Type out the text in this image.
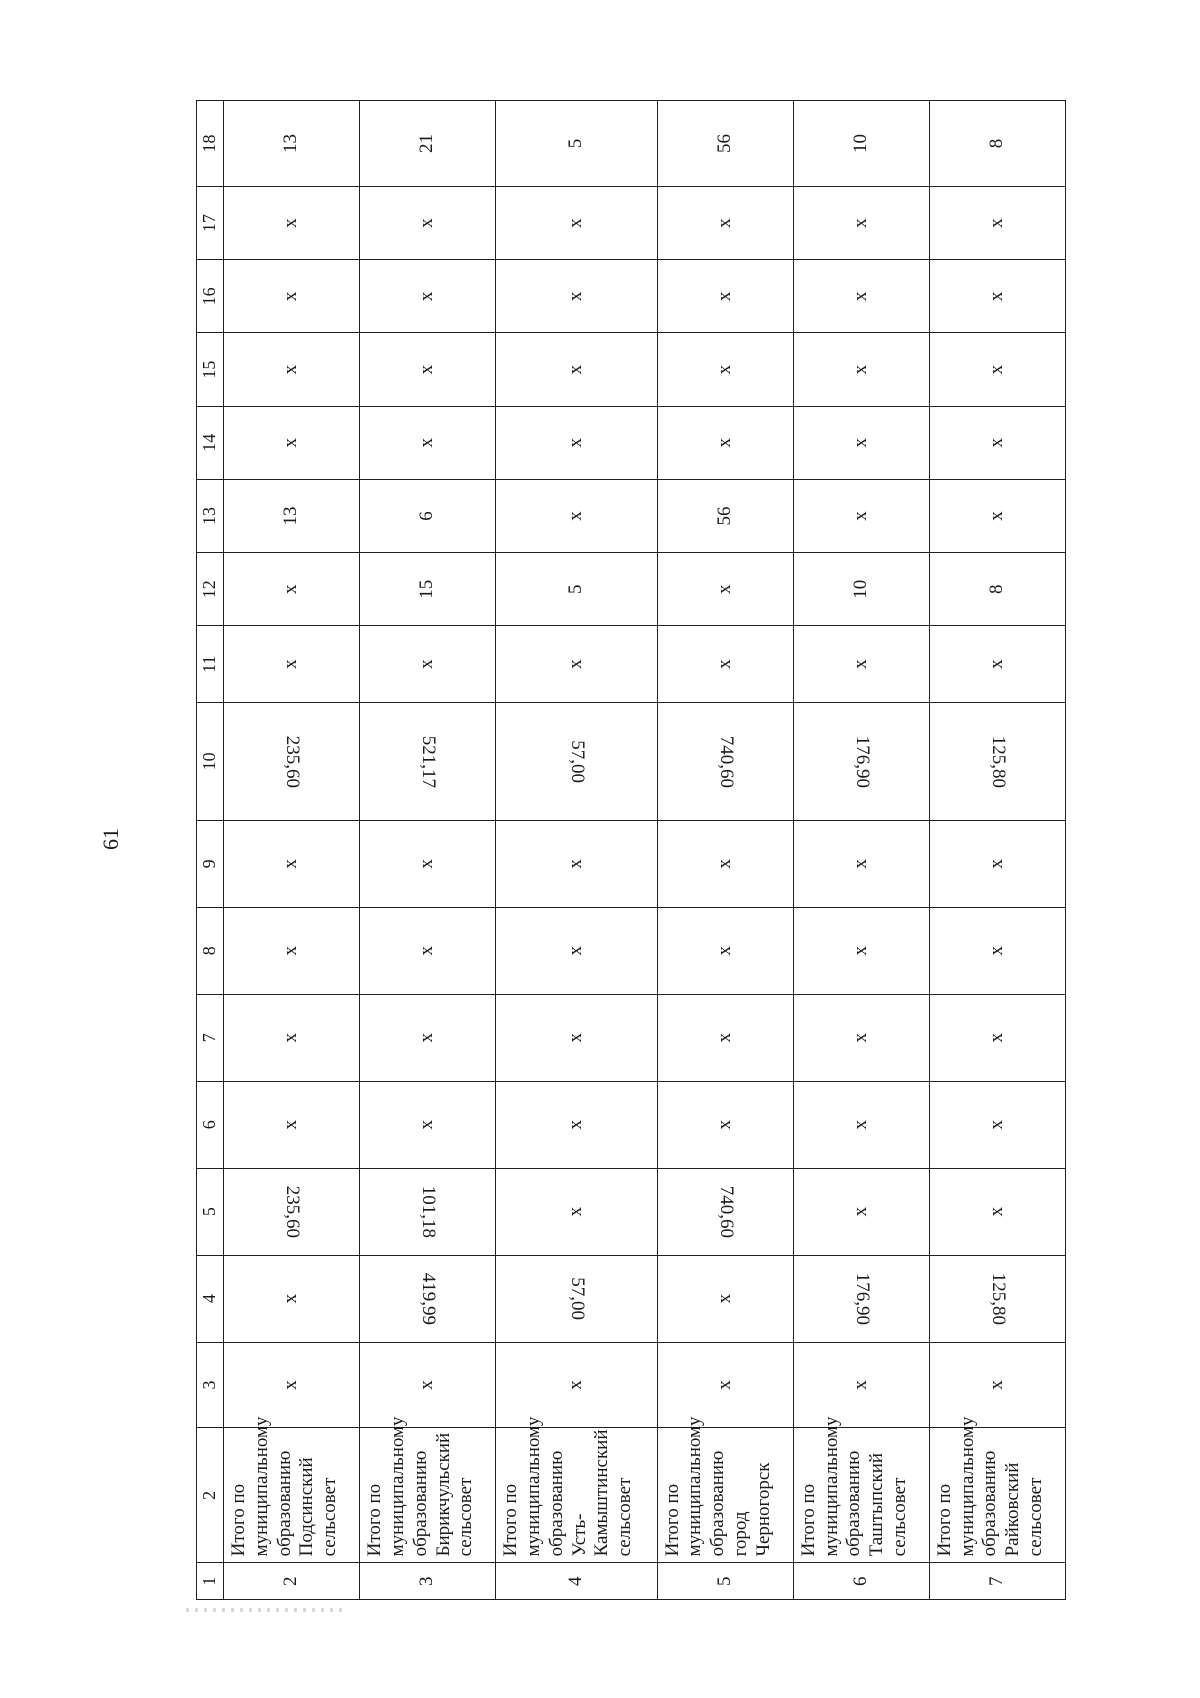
61
1	2	3	4	5	6	7	8	9	10	11	12	13	14	15	16	17	18
2	Итого по муниципальному образованию Подсинский сельсовет	x	x	235,60	x	x	x	x	235,60	x	x	13	x	x	x	x	13
3	Итого по муниципальному образованию Бирикчульский сельсовет	x	419,99	101,18	x	x	x	x	521,17	x	15	6	x	x	x	x	21
4	Итого по муниципальному образованию Усть-Камыштинский сельсовет	x	57,00	x	x	x	x	x	57,00	x	5	x	x	x	x	x	5
5	Итого по муниципальному образованию город Черногорск	x	x	740,60	x	x	x	x	740,60	x	x	56	x	x	x	x	56
6	Итого по муниципальному образованию Таштыпский сельсовет	x	176,90	x	x	x	x	x	176,90	x	10	x	x	x	x	x	10
7	Итого по муниципальному образованию Райковский сельсовет	x	125,80	x	x	x	x	x	125,80	x	8	x	x	x	x	x	8
